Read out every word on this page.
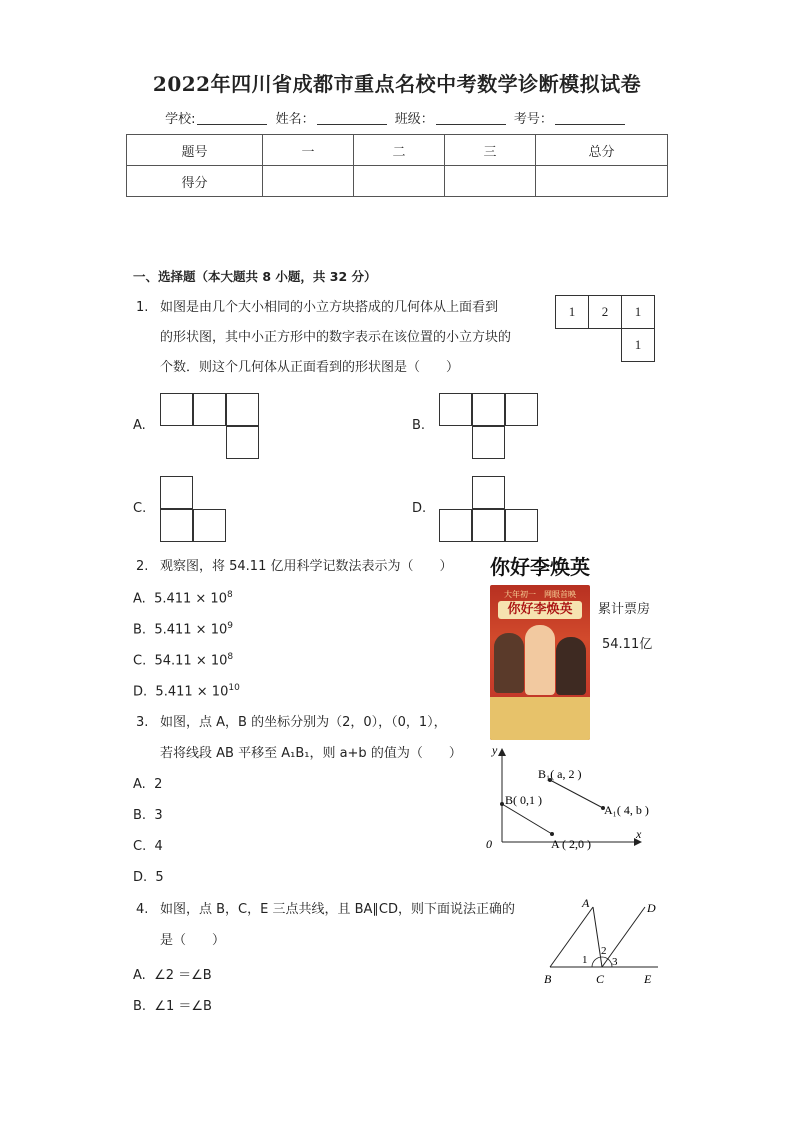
2022年四川省成都市重点名校中考数学诊断模拟试卷
学校:	姓名：	班级：	考号：
题号	一	二	三	总分
得分				
一、选择题（本大题共 8 小题，共 32 分）
1. 如图是由几个大小相同的小立方块搭成的几何体从上面看到
的形状图，其中小正方形中的数字表示在该位置的小立方块的
个数．则这个几何体从正面看到的形状图是（　　）
1	2	1
		1
A.	B.
C.	D.
2. 观察图，将 54.11 亿用科学记数法表示为（　　）
A. $5.411 \times 10^8$
B. $5.411 \times 10^9$
C. $54.11 \times 10^8$
D. $5.411 \times 10^{10}$
你好李焕英
大年初一　网眼首映
你好李焕英	累计票房
54.11亿
3. 如图，点 A，B 的坐标分别为（2，0），（0，1），
若将线段 AB 平移至 A₁B₁，则 a+b 的值为（　　）
A. 2
B. 3
C. 4
D. 5
y
x
0
B₁( a, 2 )
B( 0,1 )
A₁( 4, b )
A ( 2,0 )
4. 如图，点 B，C，E 三点共线，且 BA∥CD，则下面说法正确的
是（　　）
A. ∠2 ＝∠B
B. ∠1 ＝∠B
A
B	C
D
E
1
2
3
